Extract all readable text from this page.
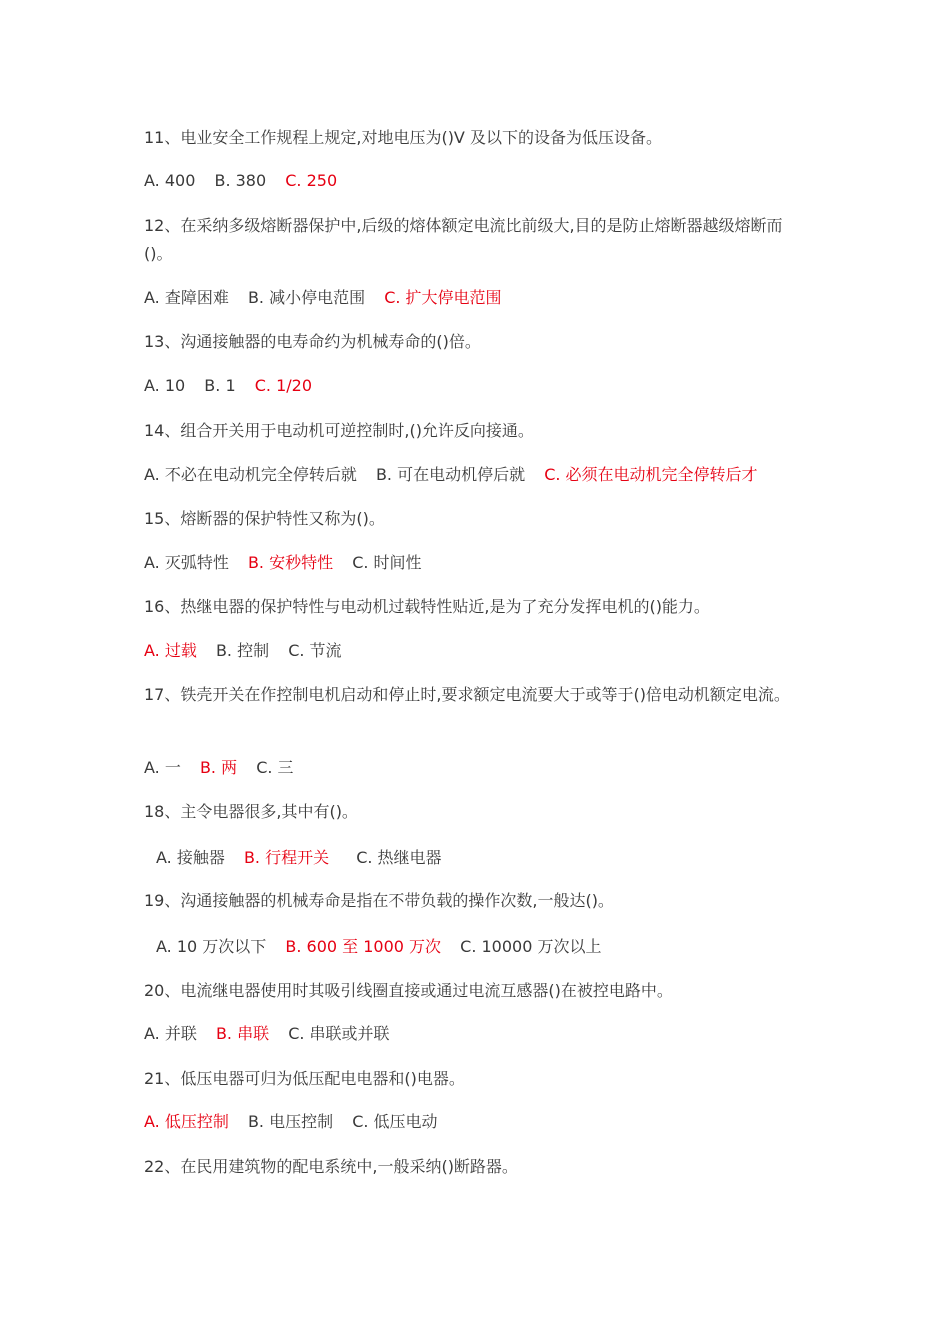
11、电业安全工作规程上规定,对地电压为()V 及以下的设备为低压设备。
A. 400 B. 380 C. 250
12、在采纳多级熔断器保护中,后级的熔体额定电流比前级大,目的是防止熔断器越级熔断而()。
A. 查障困难 B. 减小停电范围 C. 扩大停电范围
13、沟通接触器的电寿命约为机械寿命的()倍。
A. 10 B. 1 C. 1/20
14、组合开关用于电动机可逆控制时,()允许反向接通。
A. 不必在电动机完全停转后就 B. 可在电动机停后就 C. 必须在电动机完全停转后才
15、熔断器的保护特性又称为()。
A. 灭弧特性 B. 安秒特性 C. 时间性
16、热继电器的保护特性与电动机过载特性贴近,是为了充分发挥电机的()能力。
A. 过载 B. 控制 C. 节流
17、铁壳开关在作控制电机启动和停止时,要求额定电流要大于或等于()倍电动机额定电流。
A. 一 B. 两 C. 三
18、主令电器很多,其中有()。
A. 接触器 B. 行程开关 C. 热继电器
19、沟通接触器的机械寿命是指在不带负载的操作次数,一般达()。
A. 10 万次以下 B. 600 至 1000 万次 C. 10000 万次以上
20、电流继电器使用时其吸引线圈直接或通过电流互感器()在被控电路中。
A. 并联 B. 串联 C. 串联或并联
21、低压电器可归为低压配电电器和()电器。
A. 低压控制 B. 电压控制 C. 低压电动
22、在民用建筑物的配电系统中,一般采纳()断路器。
